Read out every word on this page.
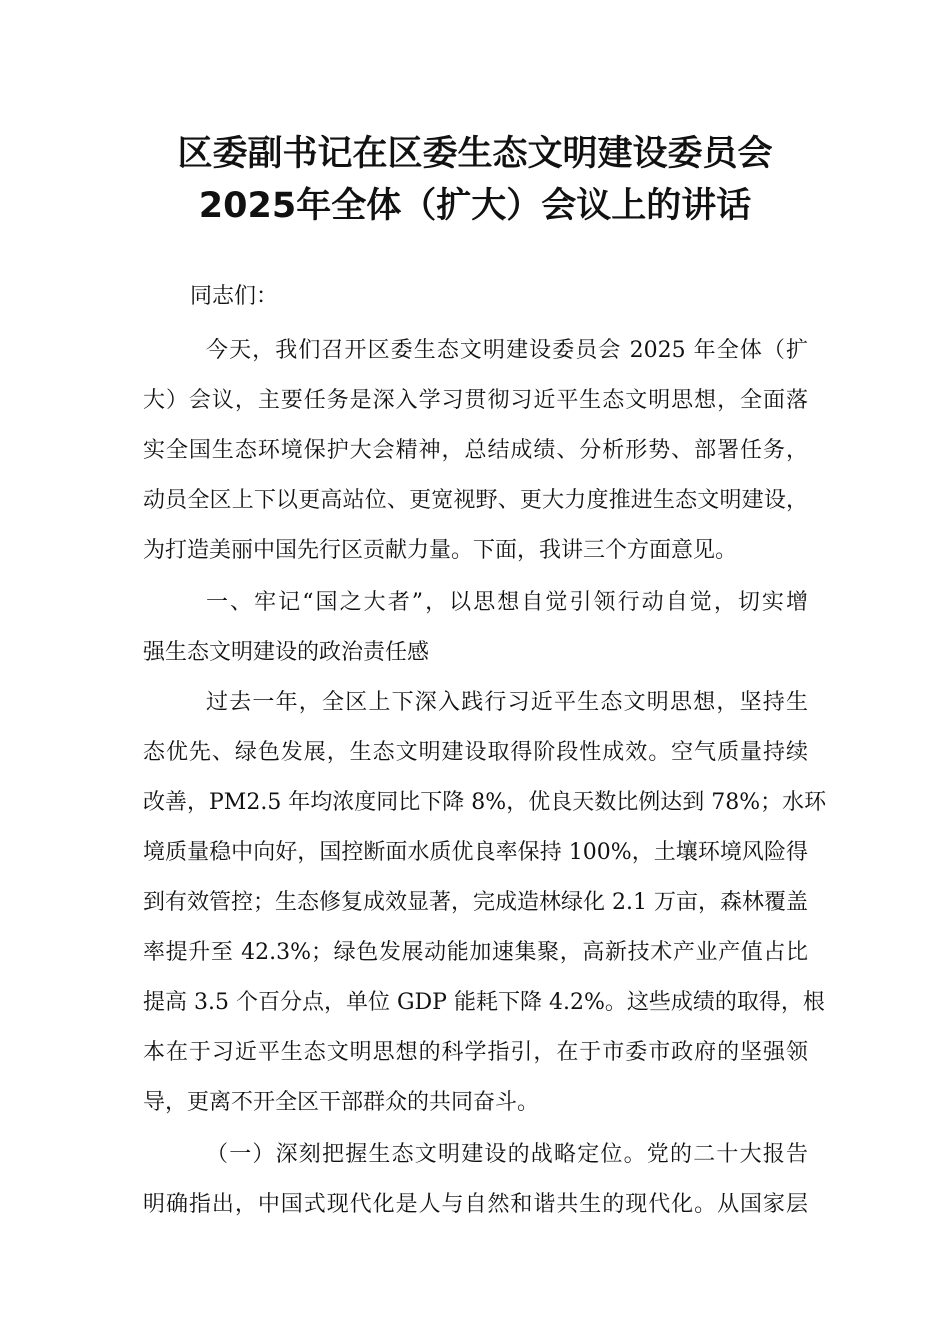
区委副书记在区委生态文明建设委员会
2025年全体（扩大）会议上的讲话
同志们：
今天，我们召开区委生态文明建设委员会 2025 年全体（扩
大）会议，主要任务是深入学习贯彻习近平生态文明思想，全面落
实全国生态环境保护大会精神，总结成绩、分析形势、部署任务，
动员全区上下以更高站位、更宽视野、更大力度推进生态文明建设，
为打造美丽中国先行区贡献力量。下面，我讲三个方面意见。
一、牢记“国之大者”，以思想自觉引领行动自觉，切实增
强生态文明建设的政治责任感
过去一年，全区上下深入践行习近平生态文明思想，坚持生
态优先、绿色发展，生态文明建设取得阶段性成效。空气质量持续
改善，PM2.5 年均浓度同比下降 8%，优良天数比例达到 78%；水环
境质量稳中向好，国控断面水质优良率保持 100%，土壤环境风险得
到有效管控；生态修复成效显著，完成造林绿化 2.1 万亩，森林覆盖
率提升至 42.3%；绿色发展动能加速集聚，高新技术产业产值占比
提高 3.5 个百分点，单位 GDP 能耗下降 4.2%。这些成绩的取得，根
本在于习近平生态文明思想的科学指引，在于市委市政府的坚强领
导，更离不开全区干部群众的共同奋斗。
（一）深刻把握生态文明建设的战略定位。党的二十大报告
明确指出，中国式现代化是人与自然和谐共生的现代化。从国家层
